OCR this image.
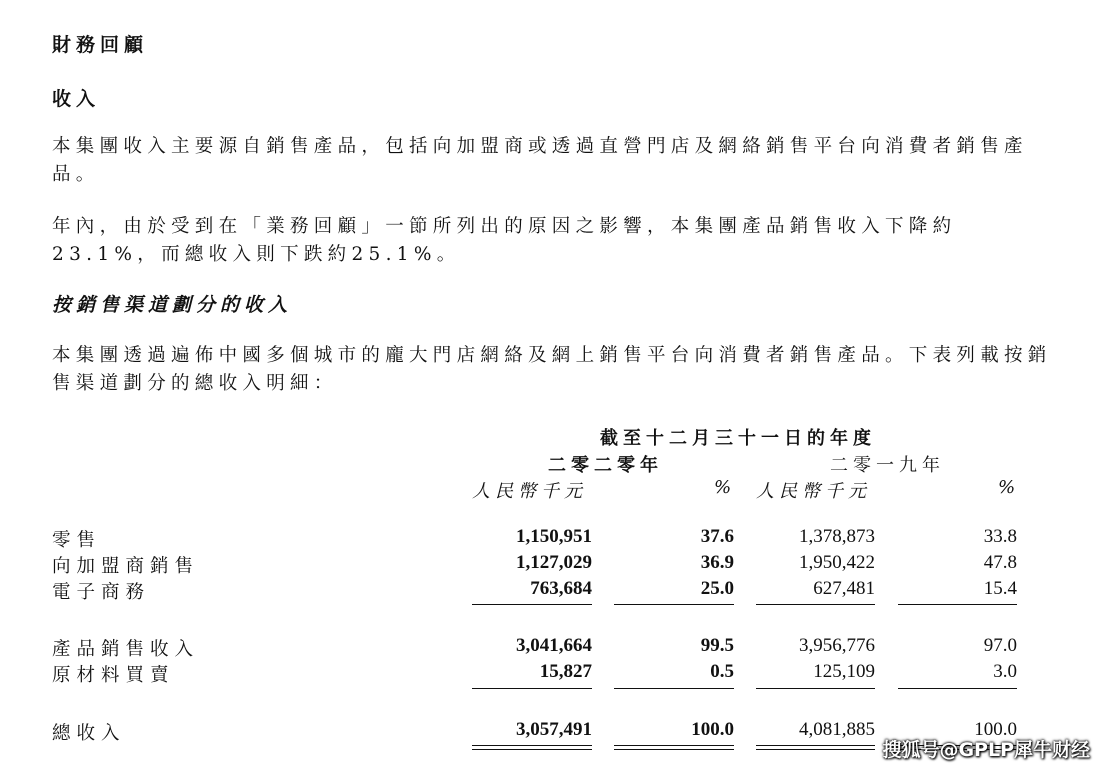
財務回顧
收入
本集團收入主要源自銷售產品，包括向加盟商或透過直營門店及網絡銷售平台向消費者銷售產品。
年內，由於受到在「業務回顧」一節所列出的原因之影響，本集團產品銷售收入下降約23.1%，而總收入則下跌約25.1%。
按銷售渠道劃分的收入
本集團透過遍佈中國多個城市的龐大門店網絡及網上銷售平台向消費者銷售產品。下表列載按銷售渠道劃分的總收入明細：
截至十二月三十一日的年度
二零二零年	二零一九年
人民幣千元	% 人民幣千元	%
零售	1,150,951	37.6	1,378,873	33.8
向加盟商銷售	1,127,029	36.9	1,950,422	47.8
電子商務	763,684	25.0	627,481	15.4
產品銷售收入	3,041,664	99.5	3,956,776	97.0
原材料買賣	15,827	0.5	125,109	3.0
總收入	3,057,491	100.0	4,081,885	100.0
搜狐号@GPLP犀牛财经
